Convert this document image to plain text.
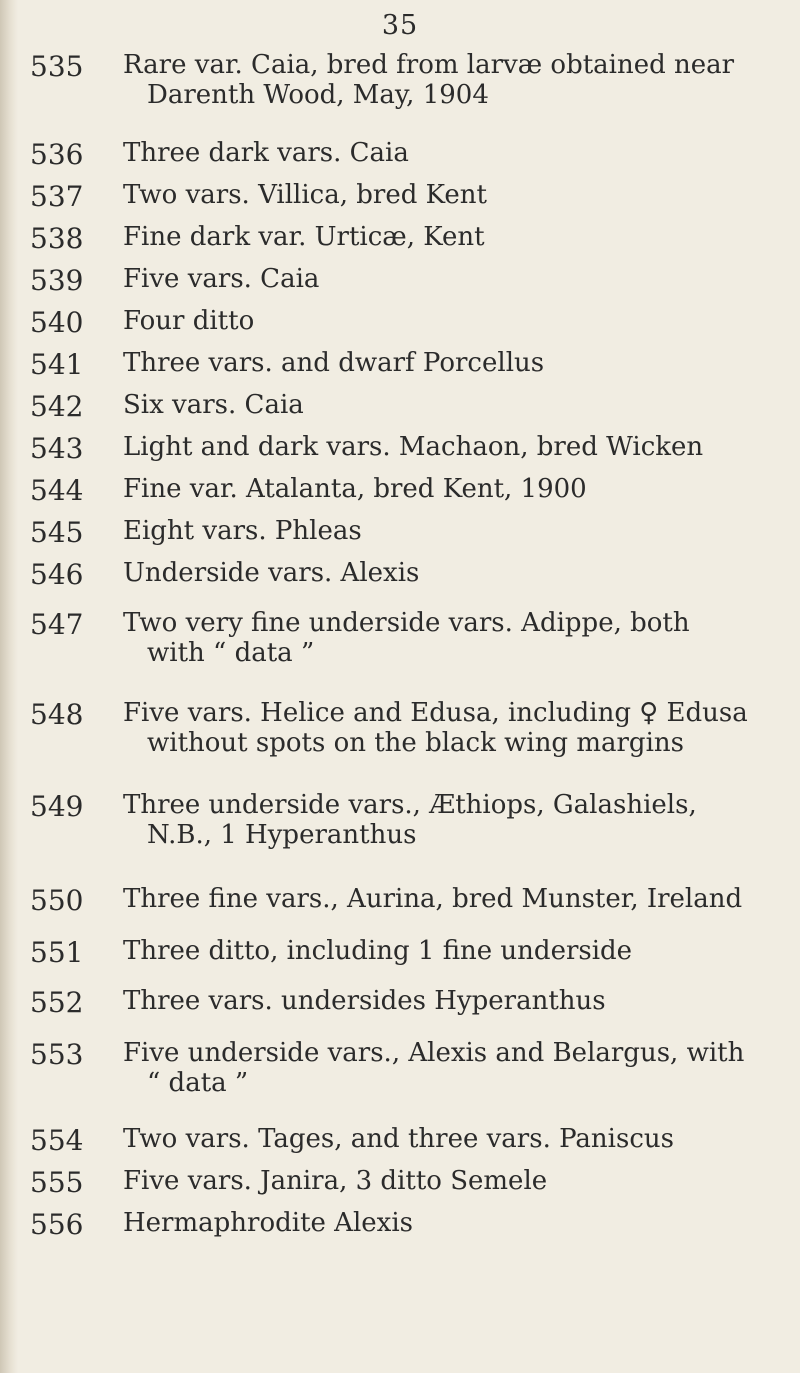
35
535 Rare var. Caia, bred from larvæ obtained near
Darenth Wood, May, 1904
536 Three dark vars. Caia
537 Two vars. Villica, bred Kent
538 Fine dark var. Urticæ, Kent
539 Five vars. Caia
540 Four ditto
541 Three vars. and dwarf Porcellus
542 Six vars. Caia
543 Light and dark vars. Machaon, bred Wicken
544 Fine var. Atalanta, bred Kent, 1900
545 Eight vars. Phleas
546 Underside vars. Alexis
547 Two very fine underside vars. Adippe, both
with “ data ”
548 Five vars. Helice and Edusa, including ♀ Edusa
without spots on the black wing margins
549 Three underside vars., Æthiops, Galashiels,
N.B., 1 Hyperanthus
550 Three fine vars., Aurina, bred Munster, Ireland
551 Three ditto, including 1 fine underside
552 Three vars. undersides Hyperanthus
553 Five underside vars., Alexis and Belargus, with
“ data ”
554 Two vars. Tages, and three vars. Paniscus
555 Five vars. Janira, 3 ditto Semele
556 Hermaphrodite Alexis
